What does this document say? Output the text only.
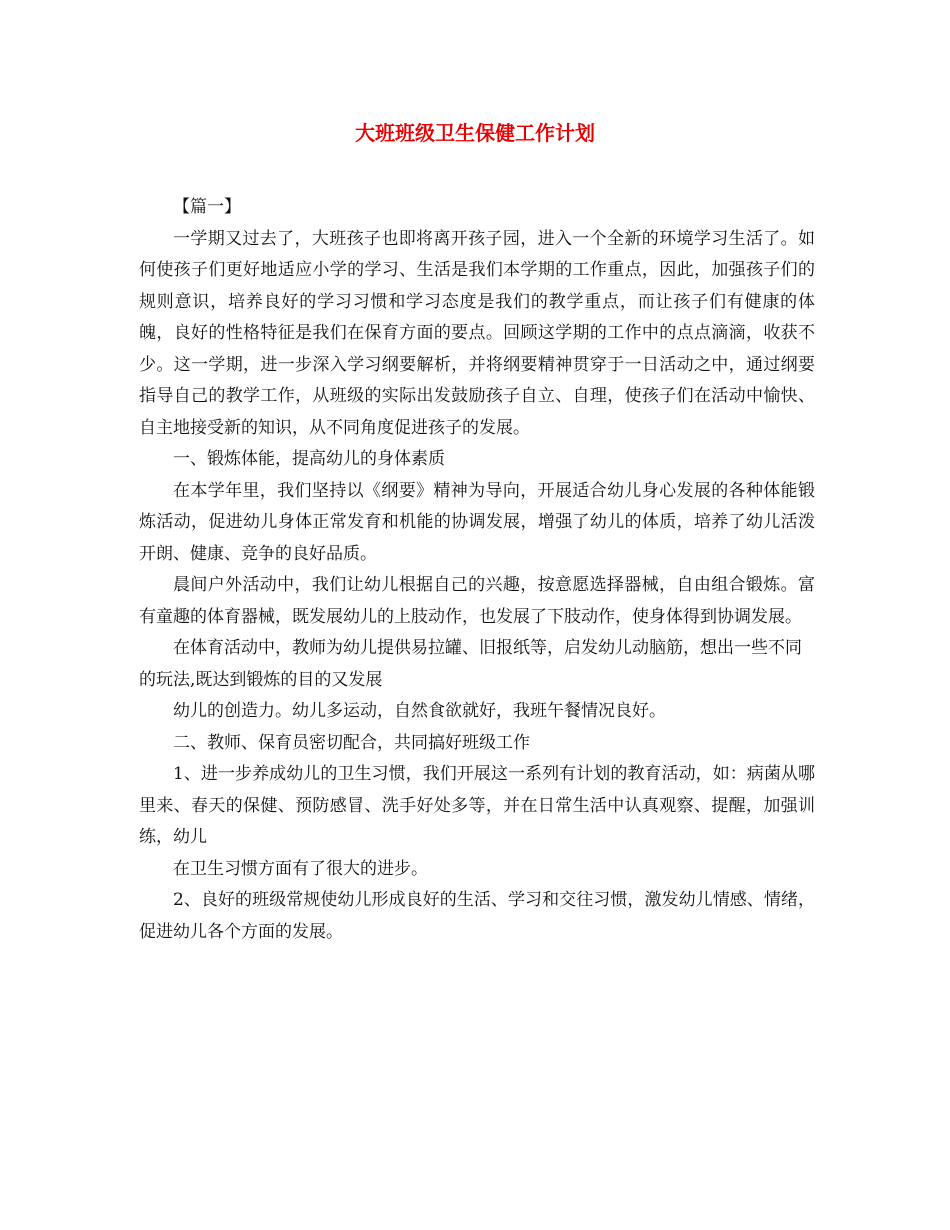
大班班级卫生保健工作计划

【篇一】

一学期又过去了，大班孩子也即将离开孩子园，进入一个全新的环境学习生活了。如何使孩子们更好地适应小学的学习、生活是我们本学期的工作重点，因此，加强孩子们的规则意识，培养良好的学习习惯和学习态度是我们的教学重点，而让孩子们有健康的体魄，良好的性格特征是我们在保育方面的要点。回顾这学期的工作中的点点滴滴，收获不少。这一学期，进一步深入学习纲要解析，并将纲要精神贯穿于一日活动之中，通过纲要指导自己的教学工作，从班级的实际出发鼓励孩子自立、自理，使孩子们在活动中愉快、自主地接受新的知识，从不同角度促进孩子的发展。

一、锻炼体能，提高幼儿的身体素质

在本学年里，我们坚持以《纲要》精神为导向，开展适合幼儿身心发展的各种体能锻炼活动，促进幼儿身体正常发育和机能的协调发展，增强了幼儿的体质，培养了幼儿活泼开朗、健康、竞争的良好品质。

晨间户外活动中，我们让幼儿根据自己的兴趣，按意愿选择器械，自由组合锻炼。富有童趣的体育器械，既发展幼儿的上肢动作，也发展了下肢动作，使身体得到协调发展。

在体育活动中，教师为幼儿提供易拉罐、旧报纸等，启发幼儿动脑筋，想出一些不同的玩法,既达到锻炼的目的又发展

幼儿的创造力。幼儿多运动，自然食欲就好，我班午餐情况良好。

二、教师、保育员密切配合，共同搞好班级工作

1、进一步养成幼儿的卫生习惯，我们开展这一系列有计划的教育活动，如：病菌从哪里来、春天的保健、预防感冒、洗手好处多等，并在日常生活中认真观察、提醒，加强训练，幼儿

在卫生习惯方面有了很大的进步。

2、良好的班级常规使幼儿形成良好的生活、学习和交往习惯，激发幼儿情感、情绪，促进幼儿各个方面的发展。
